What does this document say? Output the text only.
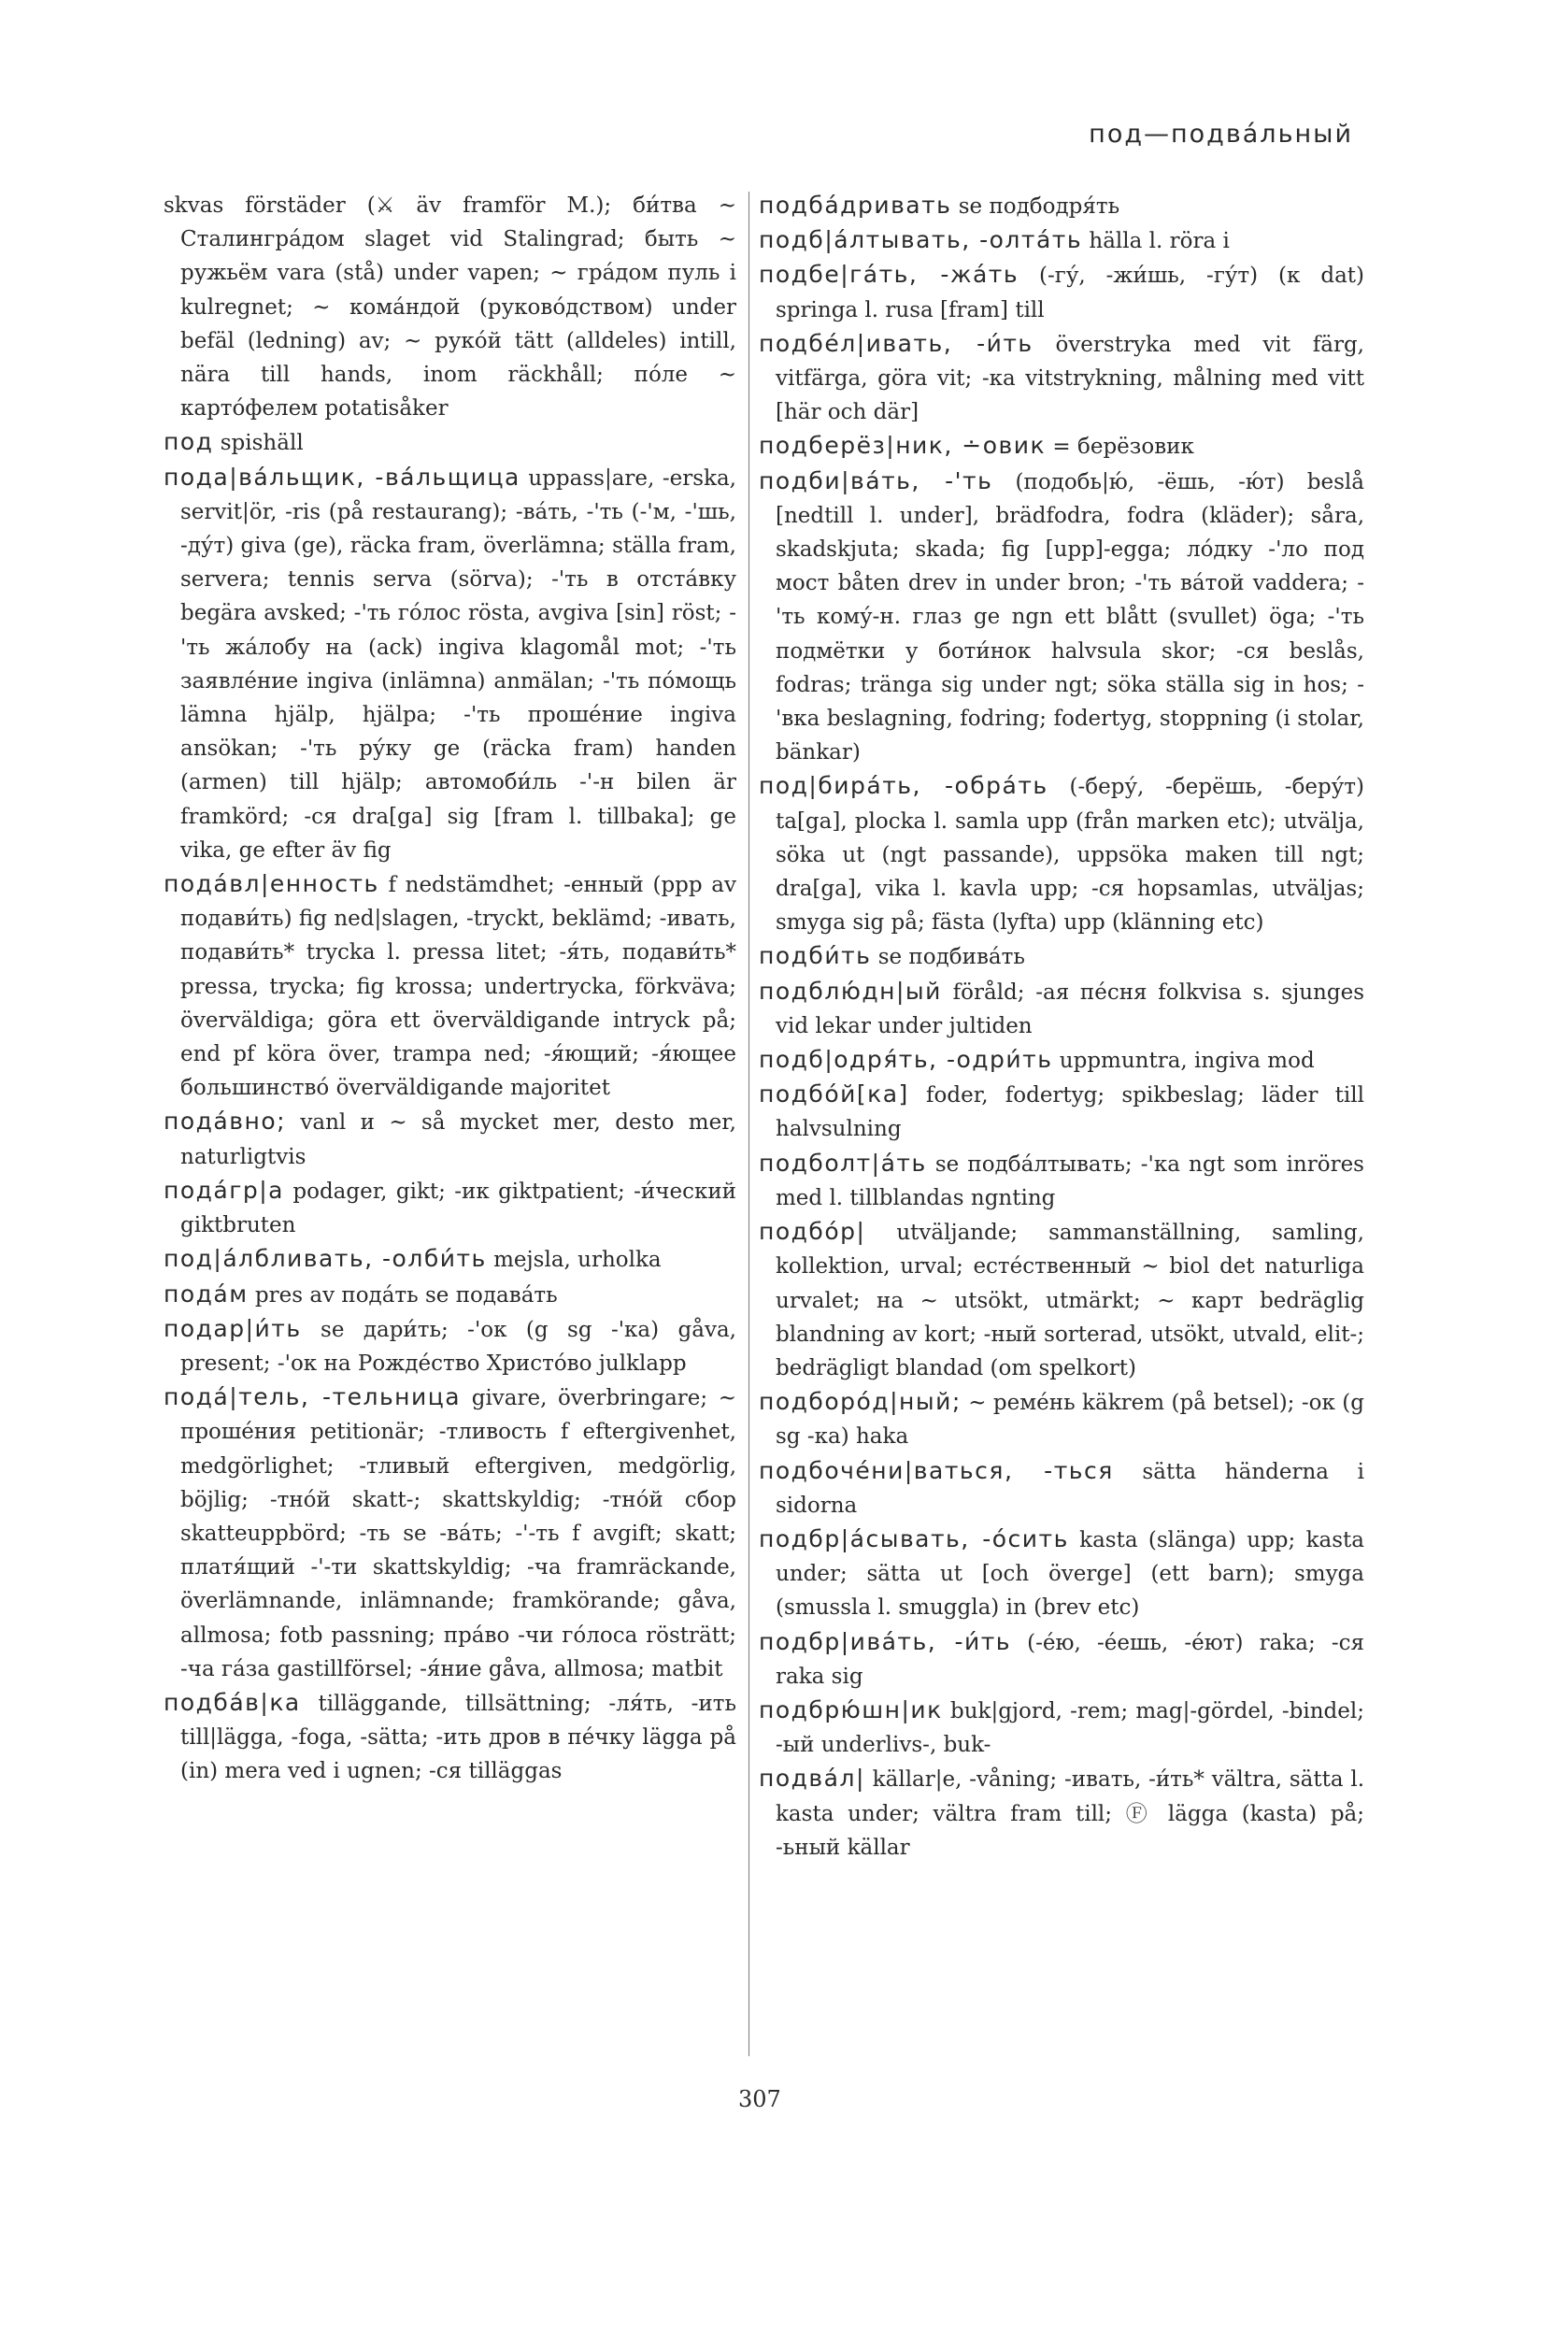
под—подва́льный
skvas förstäder (⚔ äv framför M.); би́тва ~ Сталингра́дом slaget vid Stalingrad; быть ~ ружьём vara (stå) under vapen; ~ гра́дом пуль i kulregnet; ~ кома́ндой (руково́дством) under befäl (ledning) av; ~ руко́й tätt (alldeles) intill, nära till hands, inom räckhåll; по́ле ~ карто́фелем potatisåker
под spishäll
пода|ва́льщик, -ва́льщица uppass|are, -erska, servit|ör, -ris (på restaurang); -ва́ть, -'ть (-'м, -'шь, -ду́т) giva (ge), räcka fram, överlämna; ställa fram, servera; tennis serva (sörva); -'ть в отста́вку begära avsked; -'ть го́лос rösta, avgiva [sin] röst; -'ть жа́лобу на (ack) ingiva klagomål mot; -'ть заявле́ние ingiva (inlämna) anmälan; -'ть по́мощь lämna hjälp, hjälpa; -'ть проше́ние ingiva ansökan; -'ть ру́ку ge (räcka fram) handen (armen) till hjälp; автомоби́ль -'-н bilen är framkörd; -ся dra[ga] sig [fram l. tillbaka]; ge vika, ge efter äv fig
пода́вл|енность f nedstämdhet; -енный (ppp av подави́ть) fig ned|slagen, -tryckt, beklämd; -ивать, подави́ть* trycka l. pressa litet; -я́ть, подави́ть* pressa, trycka; fig krossa; undertrycka, förkväva; överväldiga; göra ett överväldigande intryck på; end pf köra över, trampa ned; -я́ющий; -я́ющее большинство́ överväldigande majoritet
пода́вно; vanl и ~ så mycket mer, desto mer, naturligtvis
пода́гр|а podager, gikt; -ик giktpatient; -и́ческий giktbruten
под|а́лбливать, -олби́ть mejsla, urholka
пода́м pres av пода́ть se подава́ть
подар|и́ть se дари́ть; -'ок (g sg -'ка) gåva, present; -'ок на Рожде́ство Христо́во julklapp
пода́|тель, -тельница givare, överbringare; ~ проше́ния petitionär; -тливость f eftergivenhet, medgörlighet; -тливый eftergiven, medgörlig, böjlig; -тно́й skatt-; skattskyldig; -тно́й сбор skatteuppbörd; -ть se -ва́ть; -'-ть f avgift; skatt; платя́щий -'-ти skattskyldig; -ча framräckande, överlämnande, inlämnande; framkörande; gåva, allmosa; fotb passning; пра́во -чи го́лоса rösträtt; -ча га́за gastillförsel; -я́ние gåva, allmosa; matbit
подба́в|ка tilläggande, tillsättning; -ля́ть, -ить till|lägga, -foga, -sätta; -ить дров в пе́чку lägga på (in) mera ved i ugnen; -ся tilläggas
подба́дривать se подбодря́ть
подб|а́лтывать, -олта́ть hälla l. röra i
подбе|га́ть, -жа́ть (-гу́, -жи́шь, -гу́т) (к dat) springa l. rusa [fram] till
подбе́л|ивать, -и́ть överstryka med vit färg, vitfärga, göra vit; -ка vitstrykning, målning med vitt [här och där]
подберёз|ник, ∸овик = берёзовик
подби|ва́ть, -'ть (подобь|ю́, -ёшь, -ю́т) beslå [nedtill l. under], brädfodra, fodra (kläder); såra, skadskjuta; skada; fig [upp]-egga; ло́дку -'ло под мост båten drev in under bron; -'ть ва́той vaddera; -'ть кому́-н. глаз ge ngn ett blått (svullet) öga; -'ть подмётки у боти́нок halvsula skor; -ся beslås, fodras; tränga sig under ngt; söka ställa sig in hos; -'вка beslagning, fodring; fodertyg, stoppning (i stolar, bänkar)
под|бира́ть, -обра́ть (-беру́, -берёшь, -беру́т) ta[ga], plocka l. samla upp (från marken etc); utvälja, söka ut (ngt passande), uppsöka maken till ngt; dra[ga], vika l. kavla upp; -ся hopsamlas, utväljas; smyga sig på; fästa (lyfta) upp (klänning etc)
подби́ть se подбива́ть
подблю́дн|ый föråld; -ая пе́сня folkvisa s. sjunges vid lekar under jultiden
подб|одря́ть, -одри́ть uppmuntra, ingiva mod
подбо́й[ка] foder, fodertyg; spikbeslag; läder till halvsulning
подболт|а́ть se подба́лтывать; -'ка ngt som inröres med l. tillblandas ngnting
подбо́р| utväljande; sammanställning, samling, kollektion, urval; есте́ственный ~ biol det naturliga urvalet; на ~ utsökt, utmärkt; ~ карт bedräglig blandning av kort; -ный sorterad, utsökt, utvald, elit-; bedrägligt blandad (om spelkort)
подборо́д|ный; ~ реме́нь käkrem (på betsel); -ок (g sg -ка) haka
подбоче́ни|ваться, -ться sätta händerna i sidorna
подбр|а́сывать, -о́сить kasta (slänga) upp; kasta under; sätta ut [och överge] (ett barn); smyga (smussla l. smuggla) in (brev etc)
подбр|ива́ть, -и́ть (-е́ю, -е́ешь, -е́ют) raka; -ся raka sig
подбрю́шн|ик buk|gjord, -rem; mag|-gördel, -bindel; -ый underlivs-, buk-
подва́л| källar|e, -våning; -ивать, -и́ть* vältra, sätta l. kasta under; vältra fram till; Ⓕ lägga (kasta) på; -ьный källar
307
